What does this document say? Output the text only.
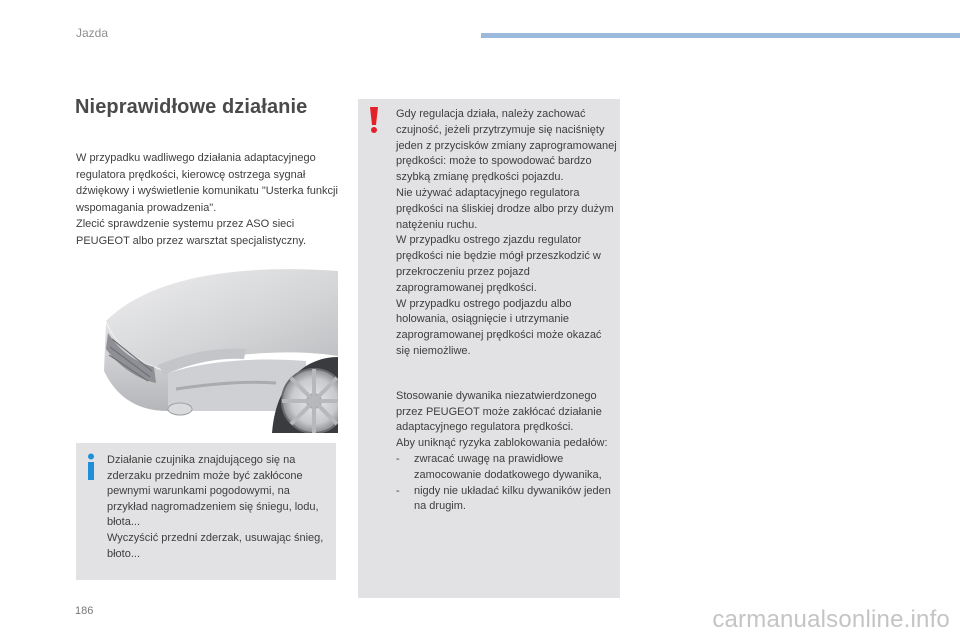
Jazda
Nieprawidłowe działanie

W przypadku wadliwego działania adaptacyjnego regulatora prędkości, kierowcę ostrzega sygnał dźwiękowy i wyświetlenie komunikatu "Usterka funkcji wspomagania prowadzenia".

Zlecić sprawdzenie systemu przez ASO sieci PEUGEOT albo przez warsztat specjalistyczny.

Działanie czujnika znajdującego się na zderzaku przednim może być zakłócone pewnymi warunkami pogodowymi, na przykład nagromadzeniem się śniegu, lodu, błota...

Wyczyścić przedni zderzak, usuwając śnieg, błoto...

Gdy regulacja działa, należy zachować czujność, jeżeli przytrzymuje się naciśnięty jeden z przycisków zmiany zaprogramowanej prędkości: może to spowodować bardzo szybką zmianę prędkości pojazdu.

Nie używać adaptacyjnego regulatora prędkości na śliskiej drodze albo przy dużym natężeniu ruchu.

W przypadku ostrego zjazdu regulator prędkości nie będzie mógł przeszkodzić w przekroczeniu przez pojazd zaprogramowanej prędkości.

W przypadku ostrego podjazdu albo holowania, osiągnięcie i utrzymanie zaprogramowanej prędkości może okazać się niemożliwe.

Stosowanie dywanika niezatwierdzonego przez PEUGEOT może zakłócać działanie adaptacyjnego regulatora prędkości.

Aby uniknąć ryzyka zablokowania pedałów:

-	zwracać uwagę na prawidłowe zamocowanie dodatkowego dywanika,
-	nigdy nie układać kilku dywaników jeden na drugim.
186	carmanualsonline.info
